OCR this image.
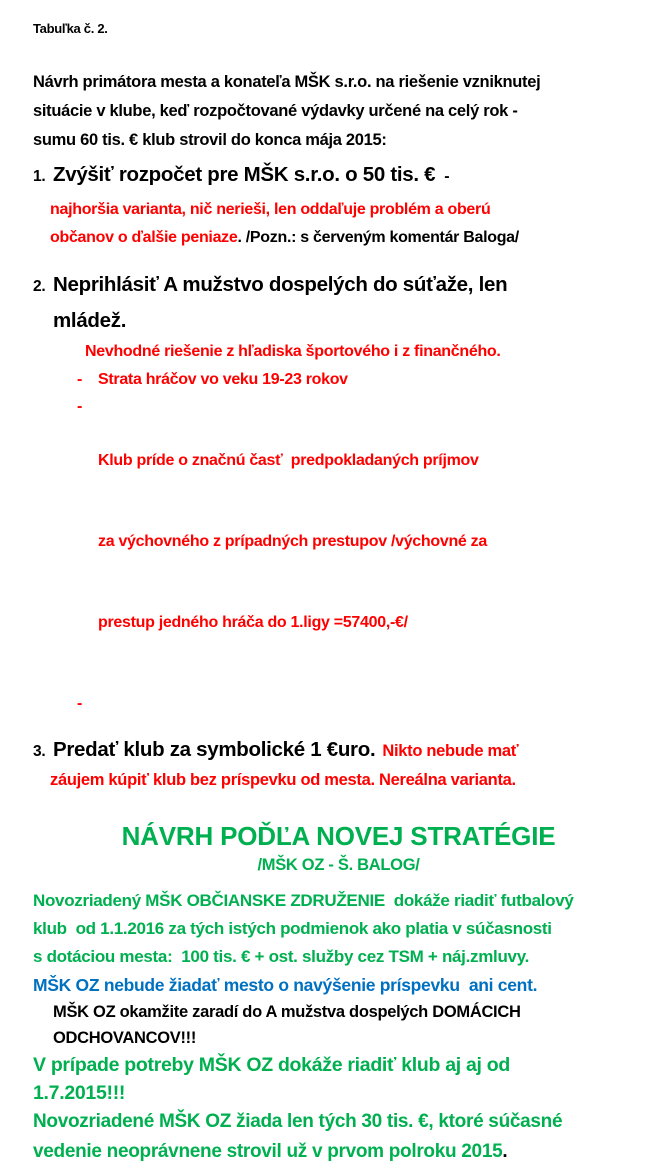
Tabuľka č. 2.
Návrh primátora mesta a konateľa MŠK s.r.o. na riešenie vzniknutej
situácie v klube, keď rozpočtované výdavky určené na celý rok -
sumu 60 tis. € klub strovil do konca mája 2015:
1. Zvýšiť rozpočet pre MŠK s.r.o. o 50 tis. € -
najhoršia varianta, nič nerieši, len oddaľuje problém a oberú
občanov o ďalšie peniaze. /Pozn.: s červeným komentár Baloga/
2. Neprihlásiť A mužstvo dospelých do súťaže, len
mládež.
Nevhodné riešenie z hľadiska športového i z finančného.
- Strata hráčov vo veku 19-23 rokov
-

Klub príde o značnú časť  predpokladaných príjmov

za výchovného z prípadných prestupov /výchovné za

prestup jedného hráča do 1.ligy =57400,-€/

-
3. Predať klub za symbolické 1 €uro. Nikto nebude mať
záujem kúpiť klub bez príspevku od mesta. Nereálna varianta.
NÁVRH POĎĽA NOVEJ STRATÉGIE
/MŠK OZ - Š. BALOG/
Novozriadený MŠK OBČIANSKE ZDRUŽENIE  dokáže riadiť futbalový
klub  od 1.1.2016 za tých istých podmienok ako platia v súčasnosti
s dotáciou mesta:  100 tis. € + ost. služby cez TSM + náj.zmluvy.
MŠK OZ nebude žiadať mesto o navýšenie príspevku  ani cent.
MŠK OZ okamžite zaradí do A mužstva dospelých DOMÁCICH
ODCHOVANCOV!!!
V prípade potreby MŠK OZ dokáže riadiť klub aj aj od
1.7.2015!!!
Novozriadené MŠK OZ žiada len tých 30 tis. €, ktoré súčasné
vedenie neoprávnene strovil už v prvom polroku 2015.
